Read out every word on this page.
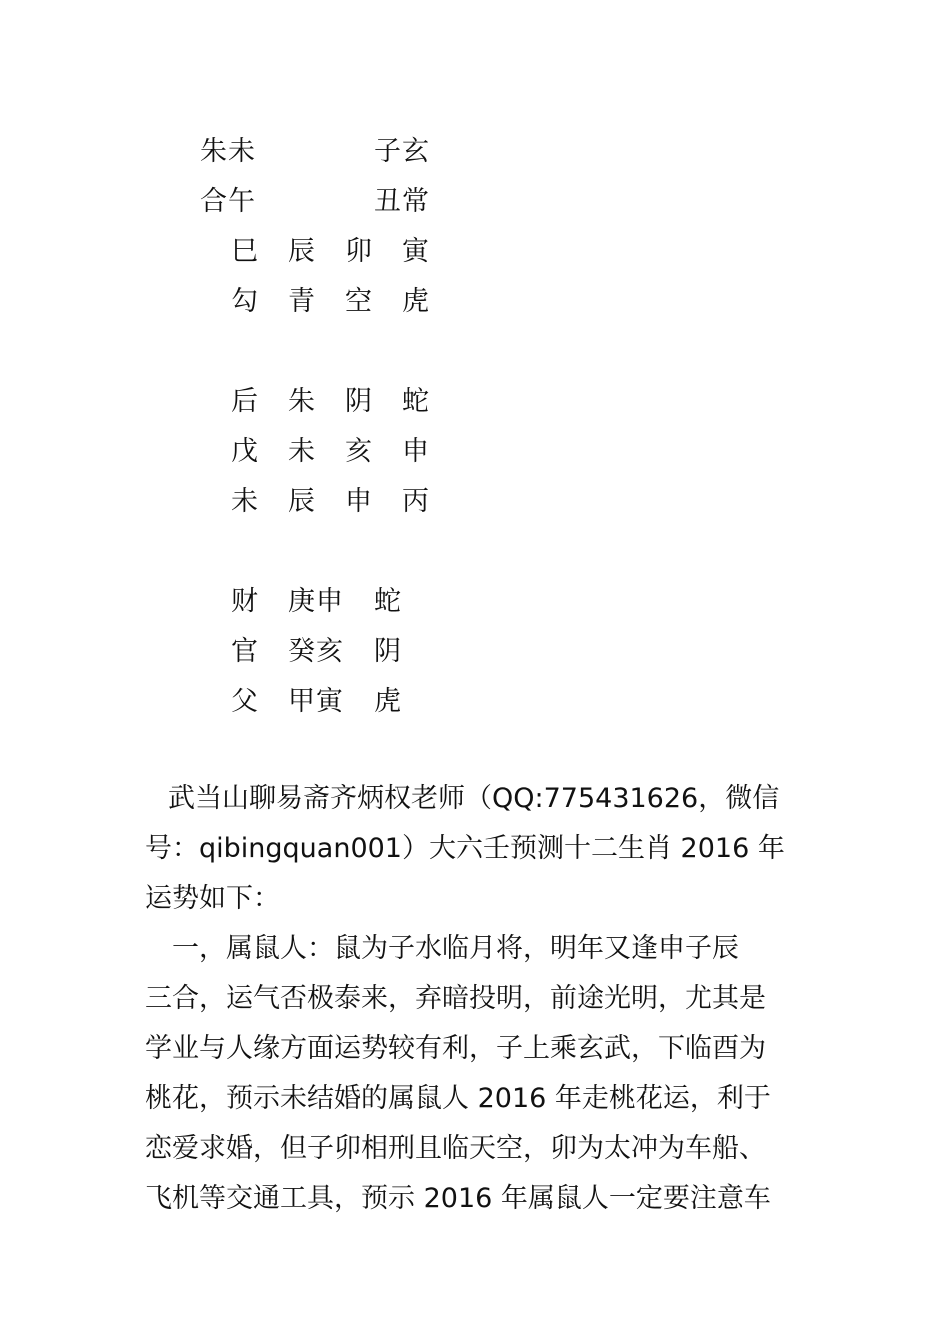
朱未	子玄
合午	丑常
巳 辰 卯 寅
勾 青 空 虎
后 朱 阴 蛇
戊 未 亥 申
未 辰 申 丙
财 庚申 蛇
官 癸亥 阴
父 甲寅 虎
武当山聊易斋齐炳权老师（QQ:775431626，微信
号：qibingquan001）大六壬预测十二生肖 2016 年
运势如下：
一，属鼠人：鼠为子水临月将，明年又逢申子辰
三合，运气否极泰来，弃暗投明，前途光明，尤其是
学业与人缘方面运势较有利，子上乘玄武，下临酉为
桃花，预示未结婚的属鼠人 2016 年走桃花运，利于
恋爱求婚，但子卯相刑且临天空，卯为太冲为车船、
飞机等交通工具，预示 2016 年属鼠人一定要注意车
